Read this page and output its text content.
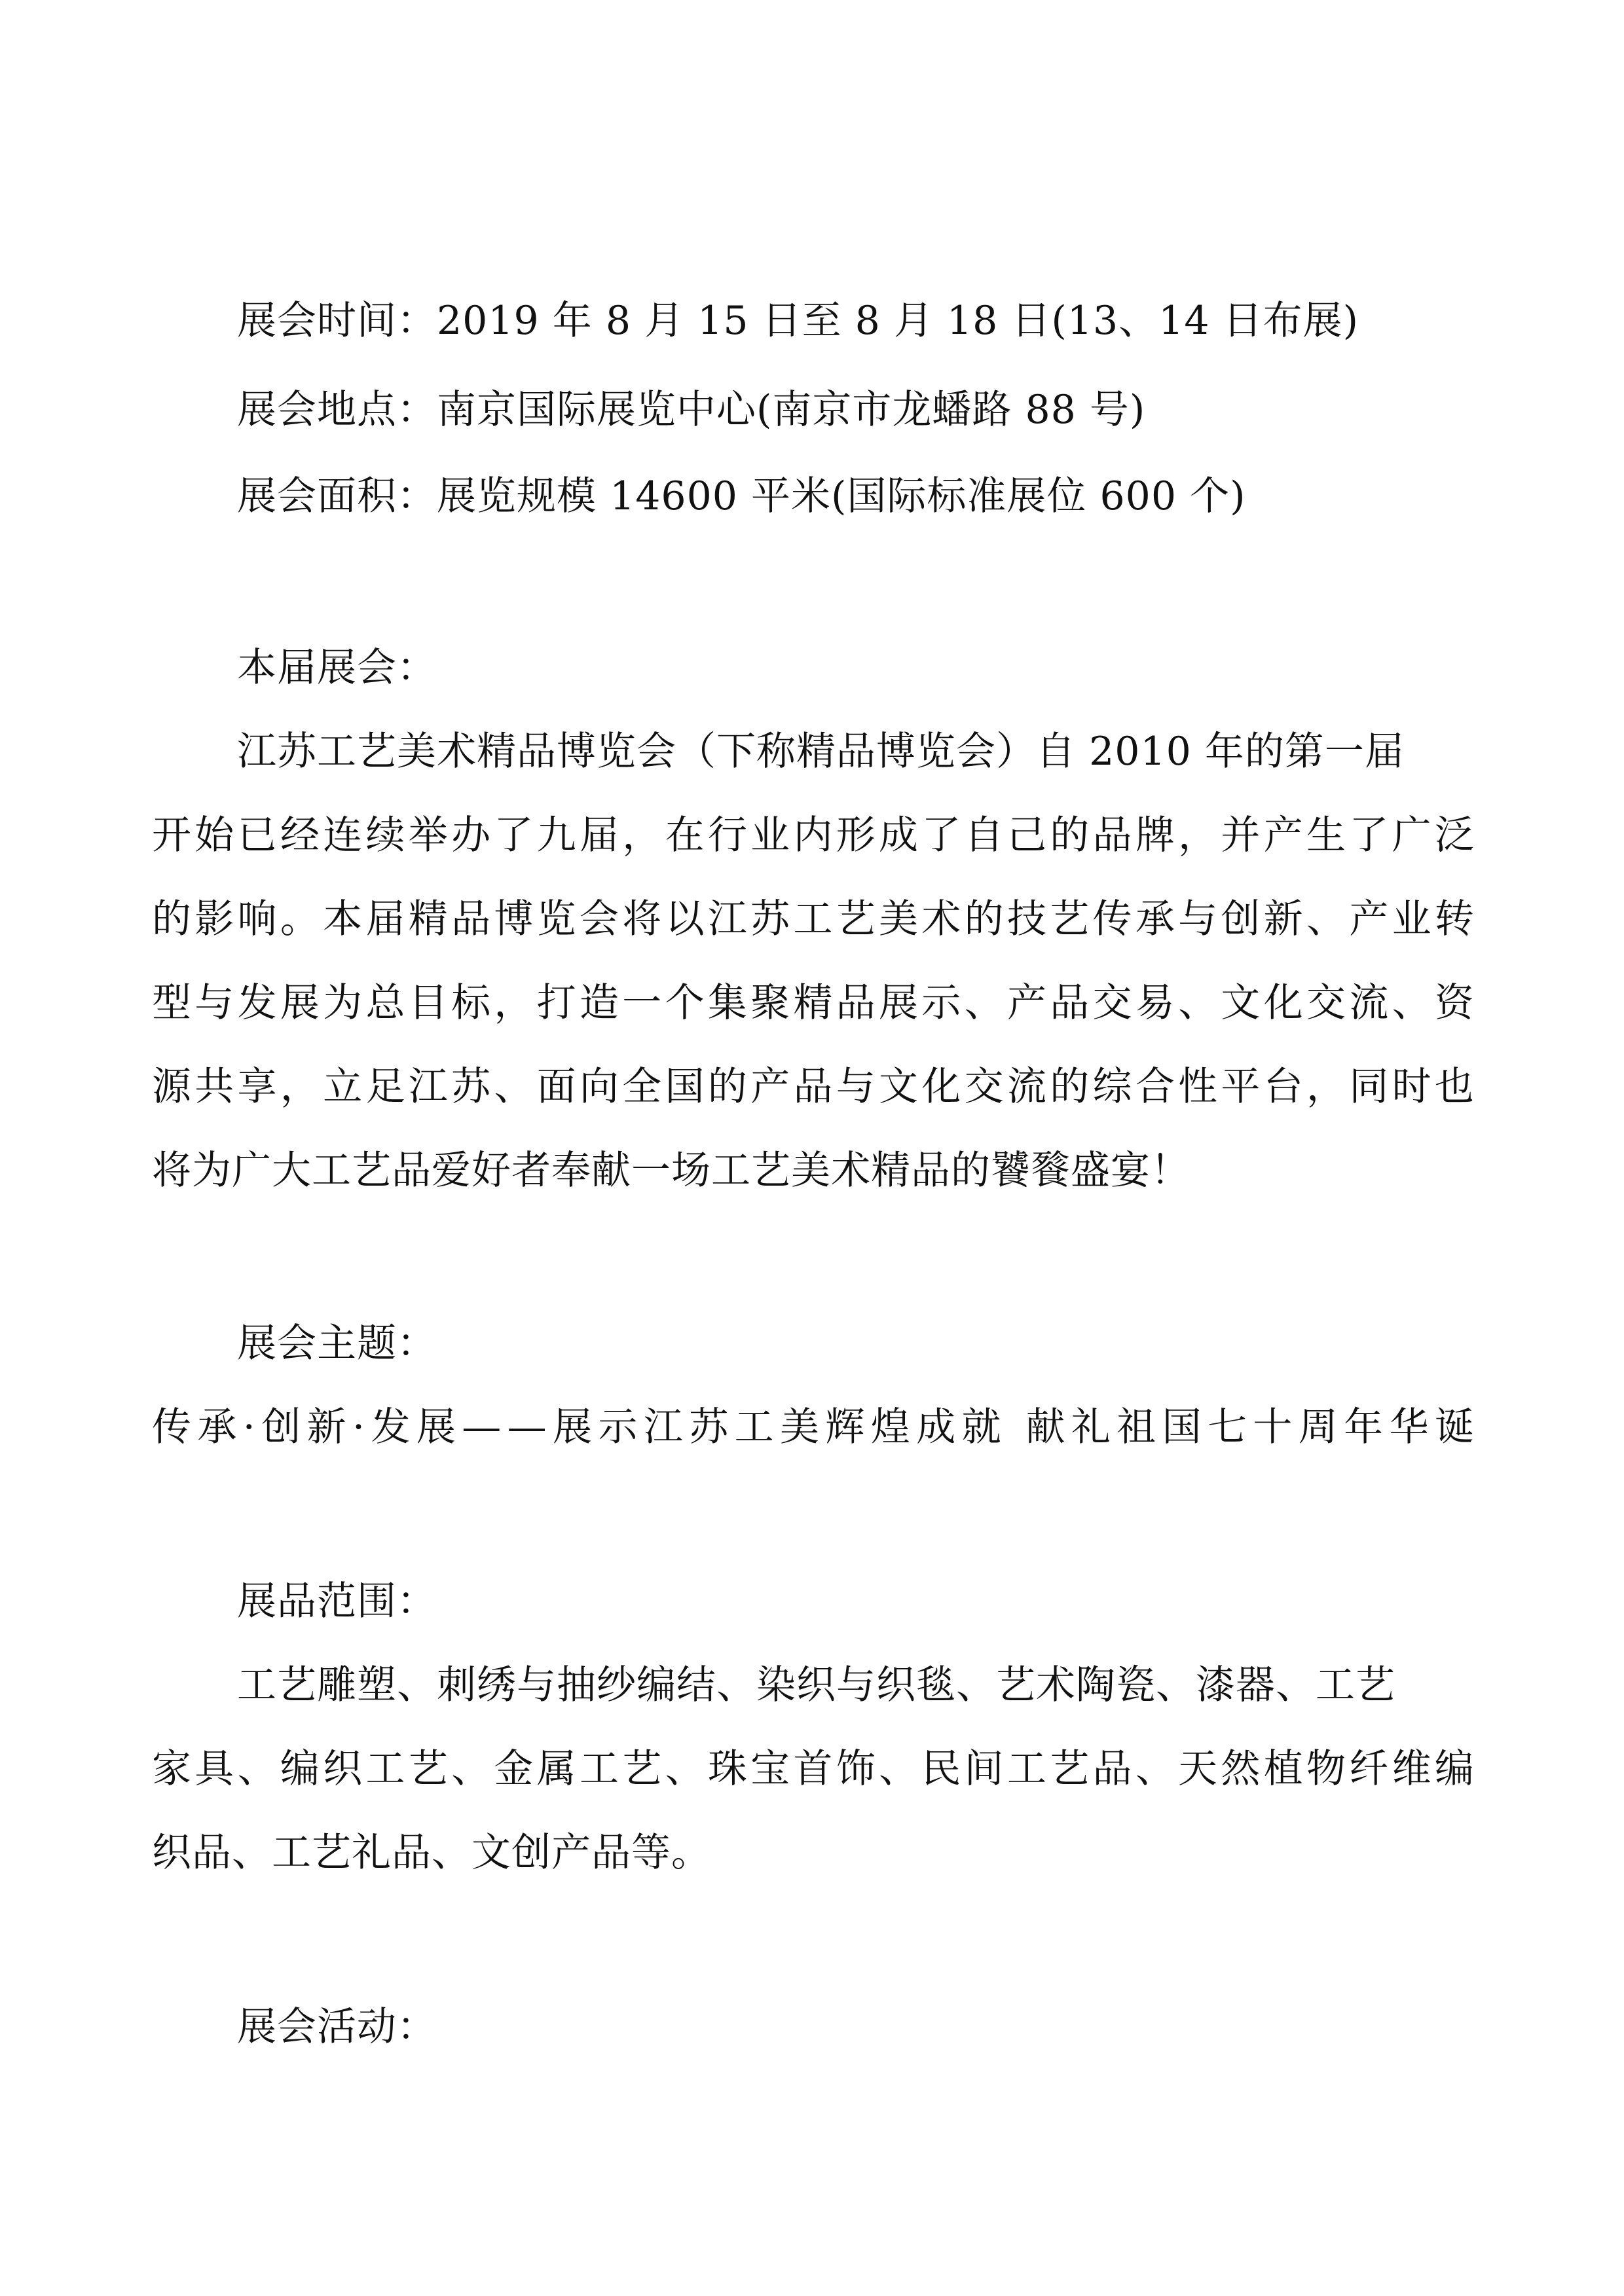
展会时间：2019 年 8 月 15 日至 8 月 18 日(13、14 日布展)
展会地点：南京国际展览中心(南京市龙蟠路 88 号)
展会面积：展览规模 14600 平米(国际标准展位 600 个)
本届展会：
江苏工艺美术精品博览会（下称精品博览会）自 2010 年的第一届
开 始 已 经 连 续 举 办 了 九 届 ， 在 行 业 内 形 成 了 自 己 的 品 牌 ， 并 产 生 了 广 泛
的 影 响 。 本 届 精 品 博 览 会 将 以 江 苏 工 艺 美 术 的 技 艺 传 承 与 创 新 、 产 业 转
型 与 发 展 为 总 目 标 ， 打 造 一 个 集 聚 精 品 展 示 、 产 品 交 易 、 文 化 交 流 、 资
源 共 享 ， 立 足 江 苏 、 面 向 全 国 的 产 品 与 文 化 交 流 的 综 合 性 平 台 ， 同 时 也
将为广大工艺品爱好者奉献一场工艺美术精品的饕餮盛宴！
展会主题：
传 承 · 创 新 · 发 展 — — 展 示 江 苏 工 美 辉 煌 成 就
献 礼 祖 国 七 十 周 年 华 诞
展品范围：
工艺雕塑、刺绣与抽纱编结、染织与织毯、艺术陶瓷、漆器、工艺
家 具 、 编 织 工 艺 、 金 属 工 艺 、 珠 宝 首 饰 、 民 间 工 艺 品 、 天 然 植 物 纤 维 编
织品、工艺礼品、文创产品等。
展会活动：
